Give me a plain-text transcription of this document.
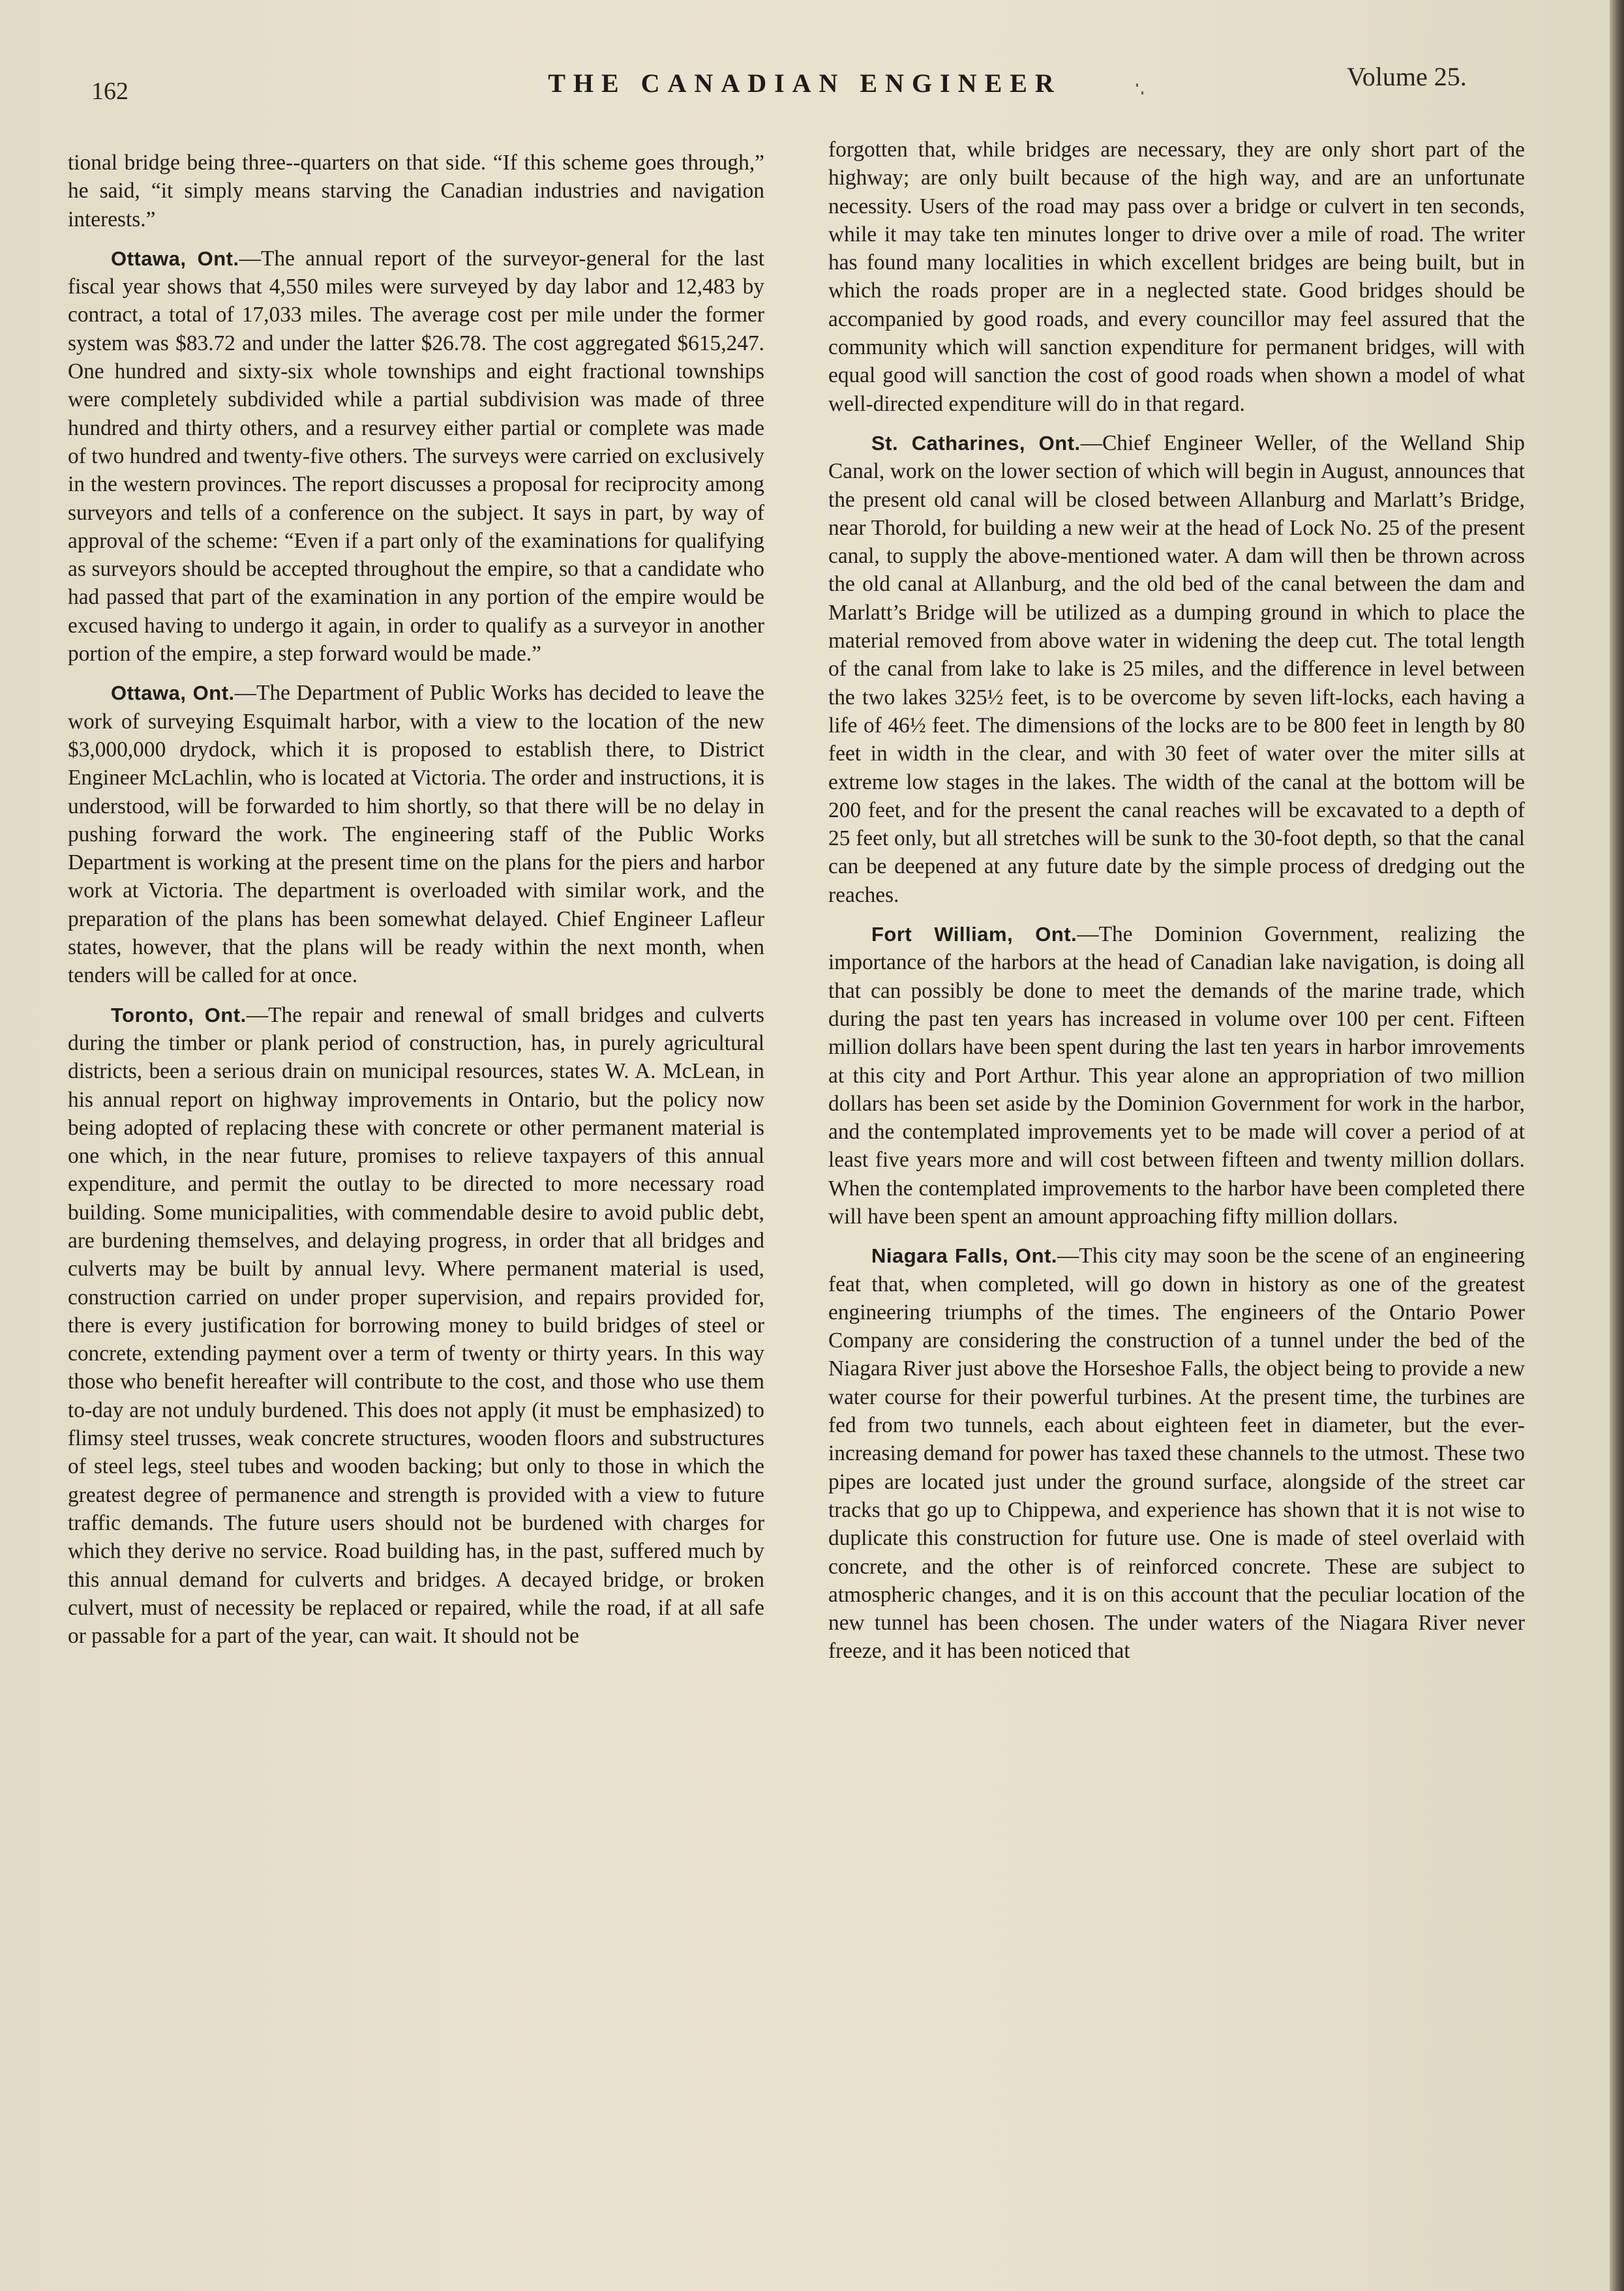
162	THE CANADIAN ENGINEER	Volume 25.

tional bridge being three--quarters on that side. “If this scheme goes through,” he said, “it simply means starving the Canadian industries and navigation interests.”

Ottawa, Ont.—The annual report of the surveyor-general for the last fiscal year shows that 4,550 miles were surveyed by day labor and 12,483 by contract, a total of 17,033 miles. The average cost per mile under the former system was $83.72 and under the latter $26.78. The cost aggregated $615,247. One hundred and sixty-six whole townships and eight fractional townships were completely subdivided while a partial subdivision was made of three hundred and thirty others, and a resurvey either partial or complete was made of two hundred and twenty-five others. The surveys were carried on exclusively in the western provinces. The report discusses a proposal for reciprocity among surveyors and tells of a conference on the subject. It says in part, by way of approval of the scheme: “Even if a part only of the examinations for qualifying as surveyors should be accepted throughout the empire, so that a candidate who had passed that part of the examination in any portion of the empire would be excused having to undergo it again, in order to qualify as a surveyor in another portion of the empire, a step forward would be made.”

Ottawa, Ont.—The Department of Public Works has decided to leave the work of surveying Esquimalt harbor, with a view to the location of the new $3,000,000 drydock, which it is proposed to establish there, to District Engineer McLachlin, who is located at Victoria. The order and instructions, it is understood, will be forwarded to him shortly, so that there will be no delay in pushing forward the work. The engineering staff of the Public Works Department is working at the present time on the plans for the piers and harbor work at Victoria. The department is overloaded with similar work, and the preparation of the plans has been somewhat delayed. Chief Engineer Lafleur states, however, that the plans will be ready within the next month, when tenders will be called for at once.

Toronto, Ont.—The repair and renewal of small bridges and culverts during the timber or plank period of construction, has, in purely agricultural districts, been a serious drain on municipal resources, states W. A. McLean, in his annual report on highway improvements in Ontario, but the policy now being adopted of replacing these with concrete or other permanent material is one which, in the near future, promises to relieve taxpayers of this annual expenditure, and permit the outlay to be directed to more necessary road building. Some municipalities, with commendable desire to avoid public debt, are burdening themselves, and delaying progress, in order that all bridges and culverts may be built by annual levy. Where permanent material is used, construction carried on under proper supervision, and repairs provided for, there is every justification for borrowing money to build bridges of steel or concrete, extending payment over a term of twenty or thirty years. In this way those who benefit hereafter will contribute to the cost, and those who use them to-day are not unduly burdened. This does not apply (it must be emphasized) to flimsy steel trusses, weak concrete structures, wooden floors and substructures of steel legs, steel tubes and wooden backing; but only to those in which the greatest degree of permanence and strength is provided with a view to future traffic demands. The future users should not be burdened with charges for which they derive no service. Road building has, in the past, suffered much by this annual demand for culverts and bridges. A decayed bridge, or broken culvert, must of necessity be replaced or repaired, while the road, if at all safe or passable for a part of the year, can wait. It should not be

forgotten that, while bridges are necessary, they are only short part of the highway; are only built because of the high way, and are an unfortunate necessity. Users of the road may pass over a bridge or culvert in ten seconds, while it may take ten minutes longer to drive over a mile of road. The writer has found many localities in which excellent bridges are being built, but in which the roads proper are in a neglected state. Good bridges should be accompanied by good roads, and every councillor may feel assured that the community which will sanction expenditure for permanent bridges, will with equal good will sanction the cost of good roads when shown a model of what well-directed expenditure will do in that regard.

St. Catharines, Ont.—Chief Engineer Weller, of the Welland Ship Canal, work on the lower section of which will begin in August, announces that the present old canal will be closed between Allanburg and Marlatt’s Bridge, near Thorold, for building a new weir at the head of Lock No. 25 of the present canal, to supply the above-mentioned water. A dam will then be thrown across the old canal at Allanburg, and the old bed of the canal between the dam and Marlatt’s Bridge will be utilized as a dumping ground in which to place the material removed from above water in widening the deep cut. The total length of the canal from lake to lake is 25 miles, and the difference in level between the two lakes 325½ feet, is to be overcome by seven lift-locks, each having a life of 46½ feet. The dimensions of the locks are to be 800 feet in length by 80 feet in width in the clear, and with 30 feet of water over the miter sills at extreme low stages in the lakes. The width of the canal at the bottom will be 200 feet, and for the present the canal reaches will be excavated to a depth of 25 feet only, but all stretches will be sunk to the 30-foot depth, so that the canal can be deepened at any future date by the simple process of dredging out the reaches.

Fort William, Ont.—The Dominion Government, realizing the importance of the harbors at the head of Canadian lake navigation, is doing all that can possibly be done to meet the demands of the marine trade, which during the past ten years has increased in volume over 100 per cent. Fifteen million dollars have been spent during the last ten years in harbor imrovements at this city and Port Arthur. This year alone an appropriation of two million dollars has been set aside by the Dominion Government for work in the harbor, and the contemplated improvements yet to be made will cover a period of at least five years more and will cost between fifteen and twenty million dollars. When the contemplated improvements to the harbor have been completed there will have been spent an amount approaching fifty million dollars.

Niagara Falls, Ont.—This city may soon be the scene of an engineering feat that, when completed, will go down in history as one of the greatest engineering triumphs of the times. The engineers of the Ontario Power Company are considering the construction of a tunnel under the bed of the Niagara River just above the Horseshoe Falls, the object being to provide a new water course for their powerful turbines. At the present time, the turbines are fed from two tunnels, each about eighteen feet in diameter, but the ever-increasing demand for power has taxed these channels to the utmost. These two pipes are located just under the ground surface, alongside of the street car tracks that go up to Chippewa, and experience has shown that it is not wise to duplicate this construction for future use. One is made of steel overlaid with concrete, and the other is of reinforced concrete. These are subject to atmospheric changes, and it is on this account that the peculiar location of the new tunnel has been chosen. The under waters of the Niagara River never freeze, and it has been noticed that
